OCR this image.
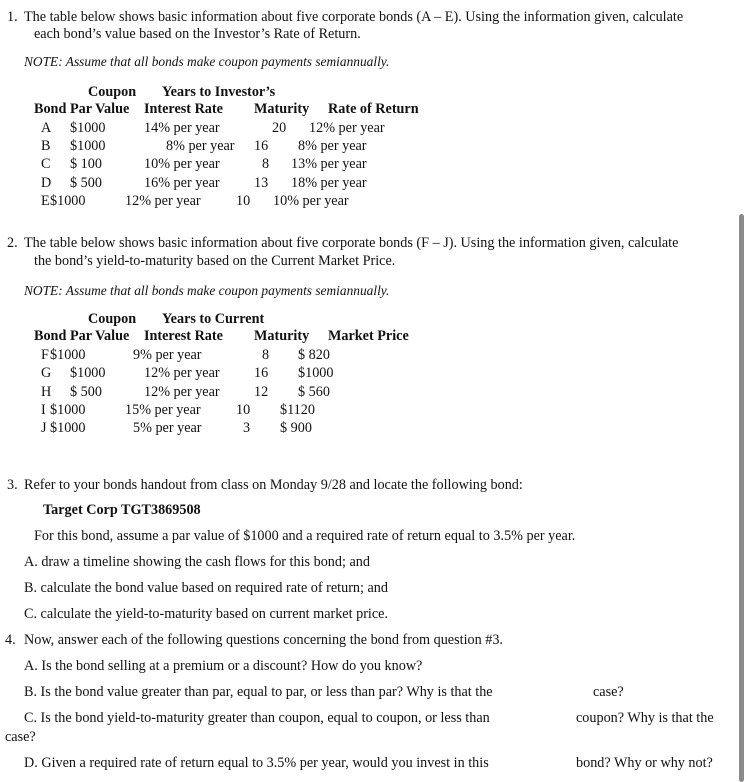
1. The table below shows basic information about five corporate bonds (A – E). Using the information given, calculate
each bond’s value based on the Investor’s Rate of Return.
NOTE: Assume that all bonds make coupon payments semiannually.
Coupon Years to Investor’s
Bond Par Value Interest Rate Maturity Rate of Return
A $1000	14% per year	20 12% per year
B $1000	8% per year 16 8% per year
C $ 100	10% per year	8 13% per year
D $ 500	16% per year 13 18% per year
E $1000	12% per year 10 10% per year
2. The table below shows basic information about five corporate bonds (F – J). Using the information given, calculate
the bond’s yield-to-maturity based on the Current Market Price.
NOTE: Assume that all bonds make coupon payments semiannually.
Coupon Years to Current
Bond Par Value Interest Rate Maturity Market Price
F $1000	9% per year	8 $ 820
G $1000	12% per year 16 $1000
H $ 500	12% per year 12 $ 560
I $1000	15% per year 10 $1120
J $1000	5% per year	3 $ 900
3. Refer to your bonds handout from class on Monday 9/28 and locate the following bond:
Target Corp TGT3869508
For this bond, assume a par value of $1000 and a required rate of return equal to 3.5% per year.
A. draw a timeline showing the cash flows for this bond; and
B. calculate the bond value based on required rate of return; and
C. calculate the yield-to-maturity based on current market price.
4. Now, answer each of the following questions concerning the bond from question #3.
A. Is the bond selling at a premium or a discount? How do you know?
B. Is the bond value greater than par, equal to par, or less than par? Why is that the	case?
C. Is the bond yield-to-maturity greater than coupon, equal to coupon, or less than	coupon? Why is that the
case?
D. Given a required rate of return equal to 3.5% per year, would you invest in this	bond? Why or why not?
